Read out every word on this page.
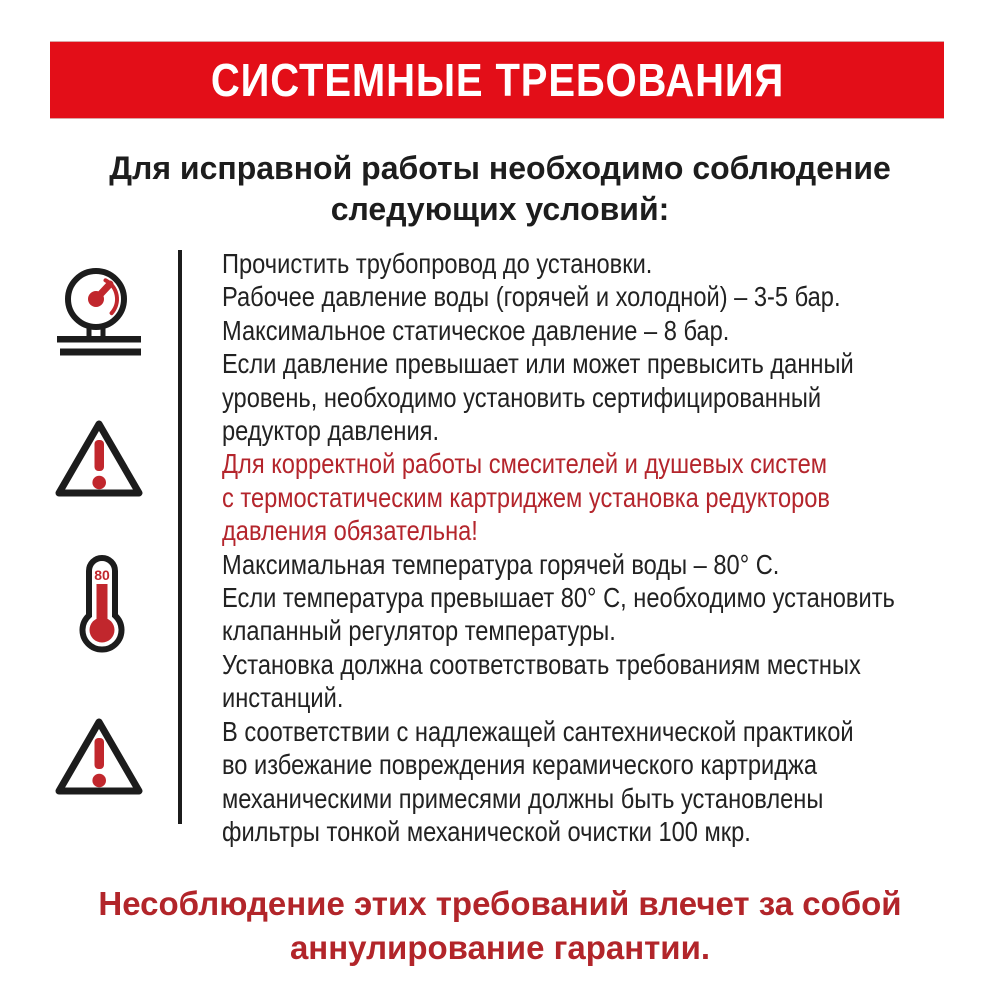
СИСТЕМНЫЕ ТРЕБОВАНИЯ
Для исправной работы необходимо соблюдение
следующих условий:
80
Прочистить трубопровод до установки.
Рабочее давление воды (горячей и холодной) – 3-5 бар.
Максимальное статическое давление – 8 бар.
Если давление превышает или может превысить данный
уровень, необходимо установить сертифицированный
редуктор давления.
Для корректной работы смесителей и душевых систем
с термостатическим картриджем установка редукторов
давления обязательна!
Максимальная температура горячей воды – 80° С.
Если температура превышает 80° С, необходимо установить
клапанный регулятор температуры.
Установка должна соответствовать требованиям местных
инстанций.
В соответствии с надлежащей сантехнической практикой
во избежание повреждения керамического картриджа
механическими примесями должны быть установлены
фильтры тонкой механической очистки 100 мкр.
Несоблюдение этих требований влечет за собой
аннулирование гарантии.
